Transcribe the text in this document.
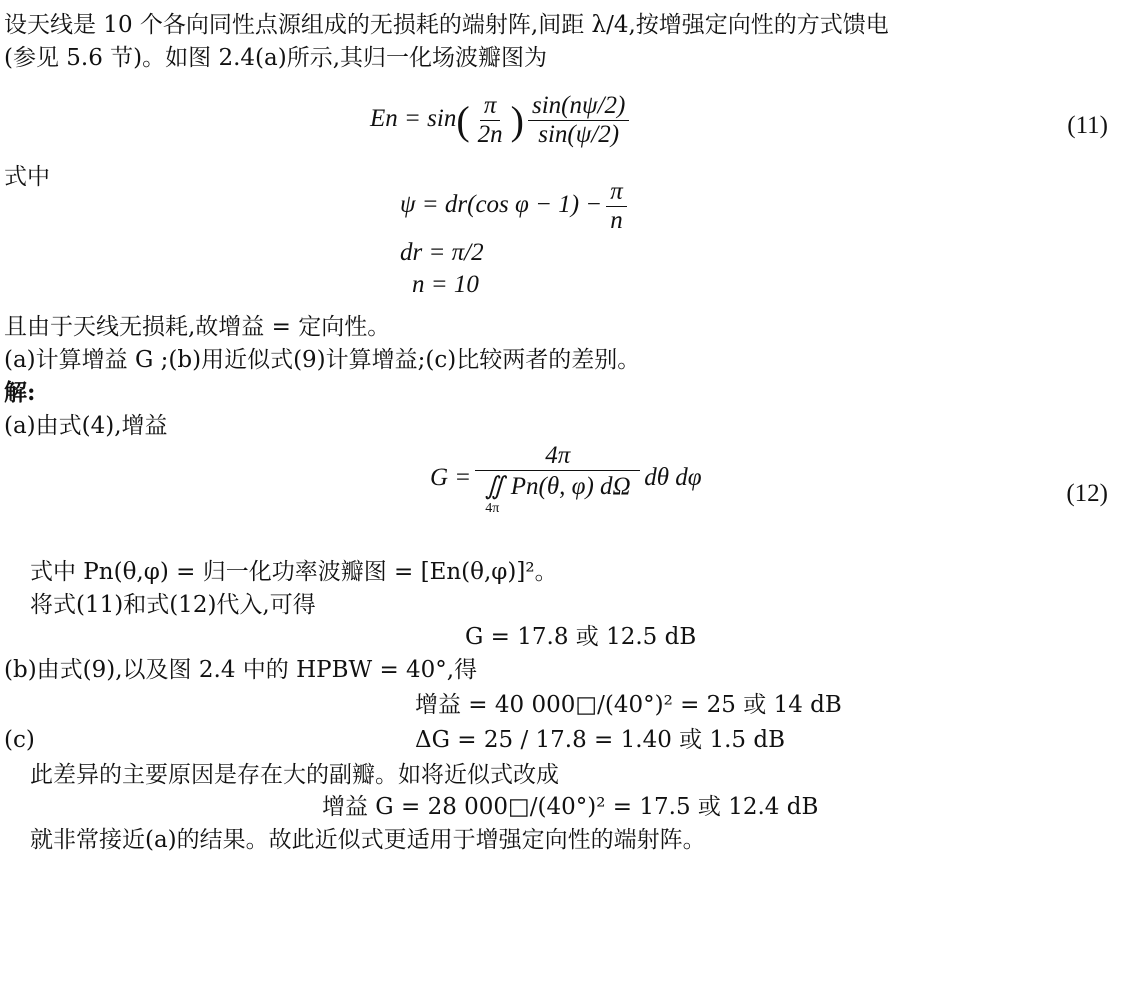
设天线是 10 个各向同性点源组成的无损耗的端射阵,间距 λ/4,按增强定向性的方式馈电
(参见 5.6 节)。如图 2.4(a)所示,其归一化场波瓣图为
$En = \sin( \frac{\pi}{2n}$ ) $\frac{\sin(n\psi/2)}{\sin(\psi/2)}$	(11)
式中
ψ = dr(cos $\varphi - 1) - \frac{\pi}{n}$
dr = π/2
n = 10
且由于天线无损耗,故增益 = 定向性。
(a)计算增益 G ;(b)用近似式(9)计算增益;(c)比较两者的差别。
解:
(a)由式(4),增益
G =
4π
∬ Pn(θ, φ) dΩ
4π
dθ dφ
(12)
式中 Pn(θ,φ) = 归一化功率波瓣图 = [En(θ,φ)]²。
将式(11)和式(12)代入,可得
G = 17.8 或 12.5 dB
(b)由式(9),以及图 2.4 中的 HPBW = 40°,得
增益 = 40 000□/(40°)² = 25 或 14 dB
(c)	ΔG = 25 / 17.8 = 1.40 或 1.5 dB
此差异的主要原因是存在大的副瓣。如将近似式改成
增益 G = 28 000□/(40°)² = 17.5 或 12.4 dB
就非常接近(a)的结果。故此近似式更适用于增强定向性的端射阵。
